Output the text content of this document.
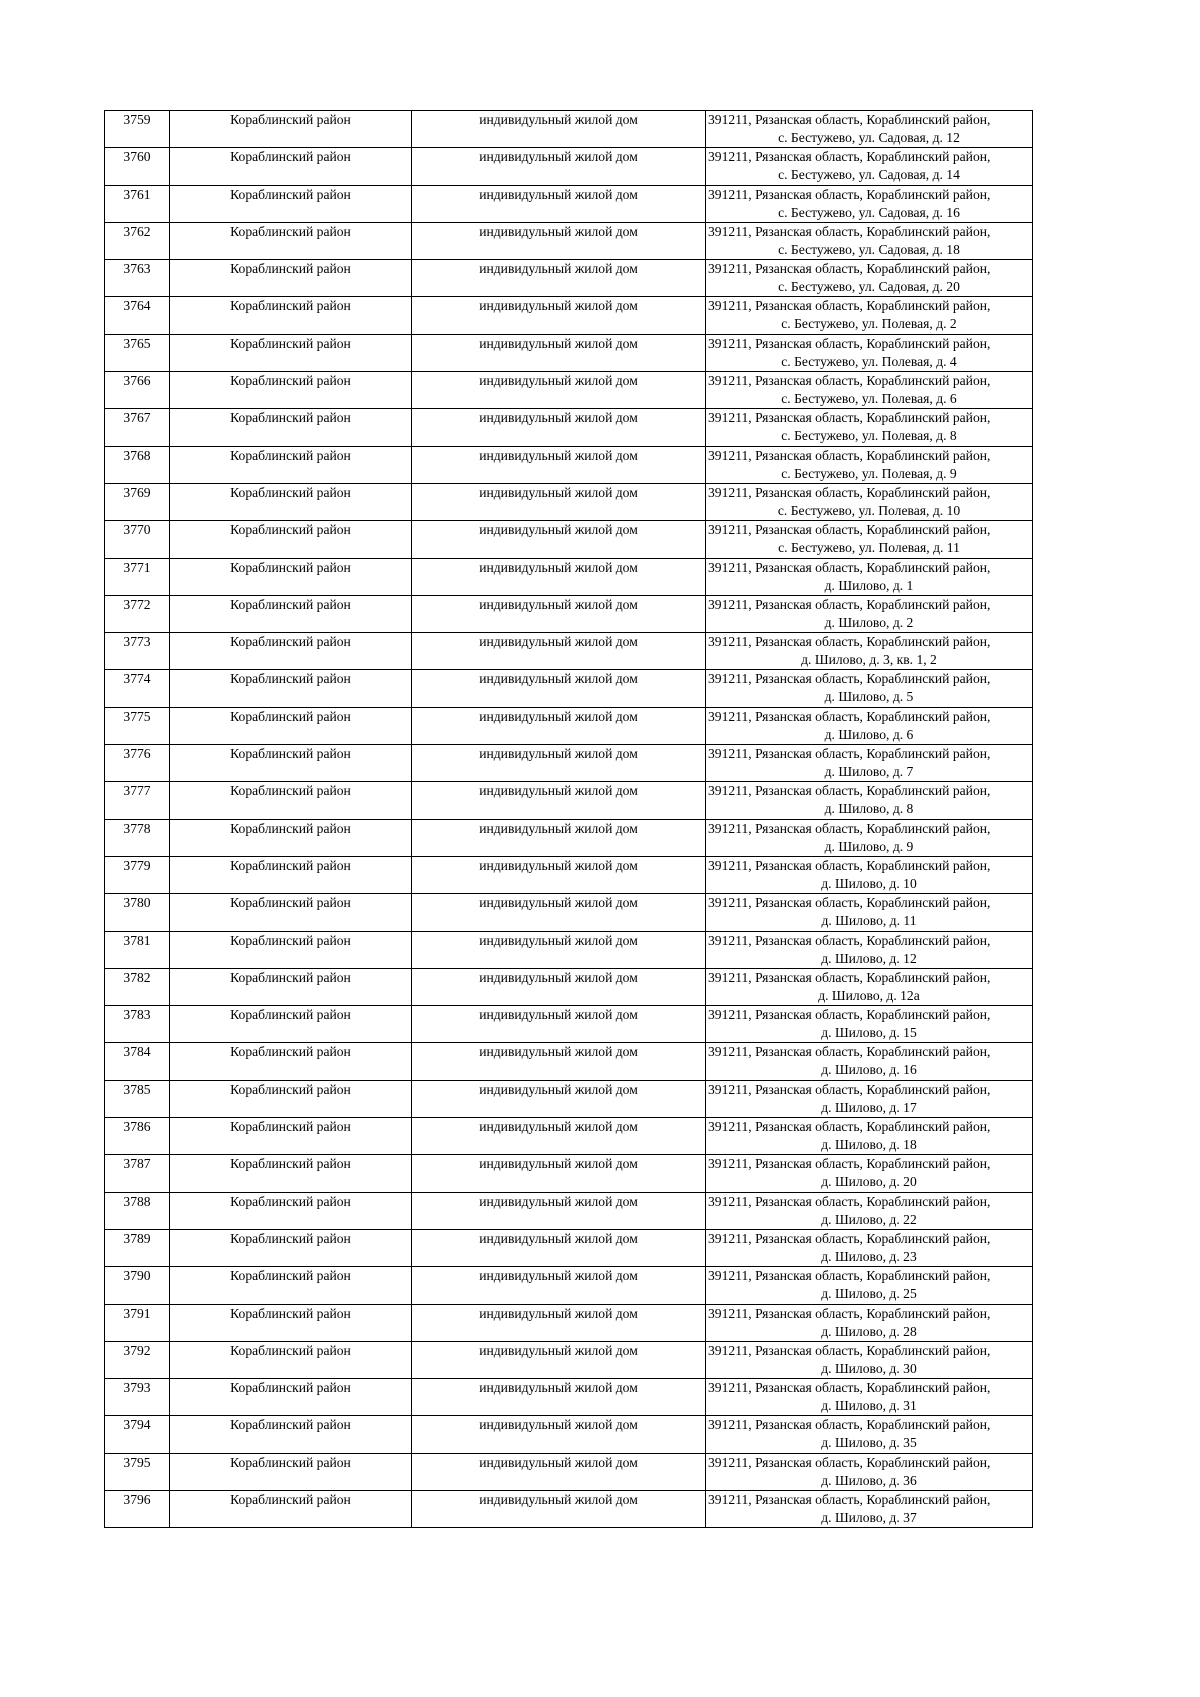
3759	Кораблинский район	индивидульный жилой дом	391211, Рязанская область, Кораблинский район,
с. Бестужево, ул. Садовая, д. 12

3760	Кораблинский район	индивидульный жилой дом	391211, Рязанская область, Кораблинский район,
с. Бестужево, ул. Садовая, д. 14

3761	Кораблинский район	индивидульный жилой дом	391211, Рязанская область, Кораблинский район,
с. Бестужево, ул. Садовая, д. 16

3762	Кораблинский район	индивидульный жилой дом	391211, Рязанская область, Кораблинский район,
с. Бестужево, ул. Садовая, д. 18

3763	Кораблинский район	индивидульный жилой дом	391211, Рязанская область, Кораблинский район,
с. Бестужево, ул. Садовая, д. 20

3764	Кораблинский район	индивидульный жилой дом	391211, Рязанская область, Кораблинский район,
с. Бестужево, ул. Полевая, д. 2

3765	Кораблинский район	индивидульный жилой дом	391211, Рязанская область, Кораблинский район,
с. Бестужево, ул. Полевая, д. 4

3766	Кораблинский район	индивидульный жилой дом	391211, Рязанская область, Кораблинский район,
с. Бестужево, ул. Полевая, д. 6

3767	Кораблинский район	индивидульный жилой дом	391211, Рязанская область, Кораблинский район,
с. Бестужево, ул. Полевая, д. 8

3768	Кораблинский район	индивидульный жилой дом	391211, Рязанская область, Кораблинский район,
с. Бестужево, ул. Полевая, д. 9

3769	Кораблинский район	индивидульный жилой дом	391211, Рязанская область, Кораблинский район,
с. Бестужево, ул. Полевая, д. 10

3770	Кораблинский район	индивидульный жилой дом	391211, Рязанская область, Кораблинский район,
с. Бестужево, ул. Полевая, д. 11

3771	Кораблинский район	индивидульный жилой дом	391211, Рязанская область, Кораблинский район,
д. Шилово, д. 1

3772	Кораблинский район	индивидульный жилой дом	391211, Рязанская область, Кораблинский район,
д. Шилово, д. 2

3773	Кораблинский район	индивидульный жилой дом	391211, Рязанская область, Кораблинский район,
д. Шилово, д. 3, кв. 1, 2

3774	Кораблинский район	индивидульный жилой дом	391211, Рязанская область, Кораблинский район,
д. Шилово, д. 5

3775	Кораблинский район	индивидульный жилой дом	391211, Рязанская область, Кораблинский район,
д. Шилово, д. 6

3776	Кораблинский район	индивидульный жилой дом	391211, Рязанская область, Кораблинский район,
д. Шилово, д. 7

3777	Кораблинский район	индивидульный жилой дом	391211, Рязанская область, Кораблинский район,
д. Шилово, д. 8

3778	Кораблинский район	индивидульный жилой дом	391211, Рязанская область, Кораблинский район,
д. Шилово, д. 9

3779	Кораблинский район	индивидульный жилой дом	391211, Рязанская область, Кораблинский район,
д. Шилово, д. 10

3780	Кораблинский район	индивидульный жилой дом	391211, Рязанская область, Кораблинский район,
д. Шилово, д. 11

3781	Кораблинский район	индивидульный жилой дом	391211, Рязанская область, Кораблинский район,
д. Шилово, д. 12

3782	Кораблинский район	индивидульный жилой дом	391211, Рязанская область, Кораблинский район,
д. Шилово, д. 12а

3783	Кораблинский район	индивидульный жилой дом	391211, Рязанская область, Кораблинский район,
д. Шилово, д. 15

3784	Кораблинский район	индивидульный жилой дом	391211, Рязанская область, Кораблинский район,
д. Шилово, д. 16

3785	Кораблинский район	индивидульный жилой дом	391211, Рязанская область, Кораблинский район,
д. Шилово, д. 17

3786	Кораблинский район	индивидульный жилой дом	391211, Рязанская область, Кораблинский район,
д. Шилово, д. 18

3787	Кораблинский район	индивидульный жилой дом	391211, Рязанская область, Кораблинский район,
д. Шилово, д. 20

3788	Кораблинский район	индивидульный жилой дом	391211, Рязанская область, Кораблинский район,
д. Шилово, д. 22

3789	Кораблинский район	индивидульный жилой дом	391211, Рязанская область, Кораблинский район,
д. Шилово, д. 23

3790	Кораблинский район	индивидульный жилой дом	391211, Рязанская область, Кораблинский район,
д. Шилово, д. 25

3791	Кораблинский район	индивидульный жилой дом	391211, Рязанская область, Кораблинский район,
д. Шилово, д. 28

3792	Кораблинский район	индивидульный жилой дом	391211, Рязанская область, Кораблинский район,
д. Шилово, д. 30

3793	Кораблинский район	индивидульный жилой дом	391211, Рязанская область, Кораблинский район,
д. Шилово, д. 31

3794	Кораблинский район	индивидульный жилой дом	391211, Рязанская область, Кораблинский район,
д. Шилово, д. 35

3795	Кораблинский район	индивидульный жилой дом	391211, Рязанская область, Кораблинский район,
д. Шилово, д. 36

3796	Кораблинский район	индивидульный жилой дом	391211, Рязанская область, Кораблинский район,
д. Шилово, д. 37
